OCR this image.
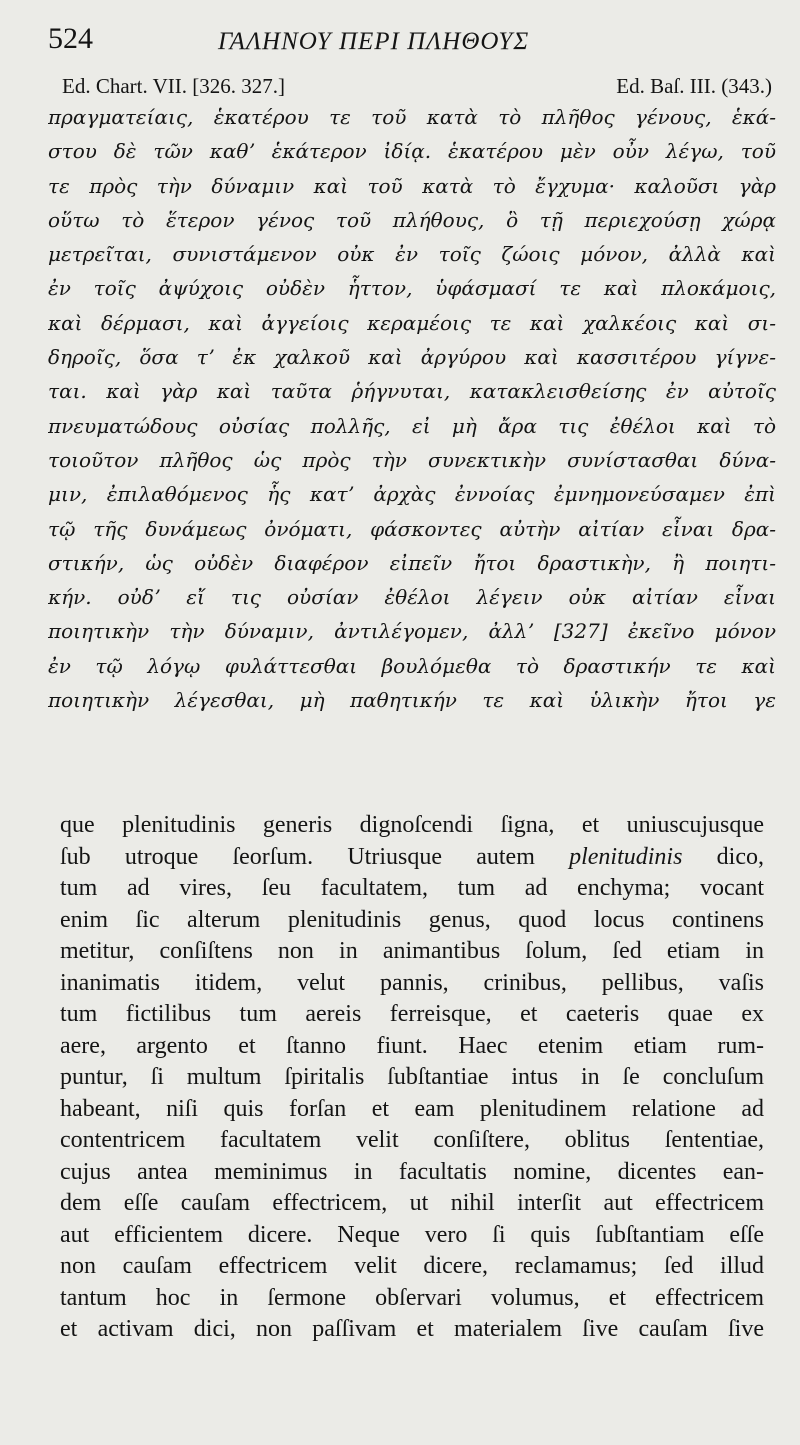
524	ΓΑΛΗΝΟΥ ΠΕΡΙ ΠΛΗΘΟΥΣ
Ed. Chart. VII. [326. 327.]	Ed. Baſ. III. (343.)
πραγματείαις, ἑκατέρου τε τοῦ κατὰ τὸ πλῆθος γένους, ἑκά-
στου δὲ τῶν καθʼ ἑκάτερον ἰδίᾳ. ἑκατέρου μὲν οὖν λέγω, τοῦ
τε πρὸς τὴν δύναμιν καὶ τοῦ κατὰ τὸ ἔγχυμα· καλοῦσι γὰρ
οὕτω τὸ ἕτερον γένος τοῦ πλήθους, ὃ τῇ περιεχούσῃ χώρᾳ
μετρεῖται, συνιστάμενον οὐκ ἐν τοῖς ζώοις μόνον, ἀλλὰ καὶ
ἐν τοῖς ἀψύχοις οὐδὲν ἧττον, ὑφάσμασί τε καὶ πλοκάμοις,
καὶ δέρμασι, καὶ ἀγγείοις κεραμέοις τε καὶ χαλκέοις καὶ σι-
δηροῖς, ὅσα τʼ ἐκ χαλκοῦ καὶ ἀργύρου καὶ κασσιτέρου γίγνε-
ται. καὶ γὰρ καὶ ταῦτα ῥήγνυται, κατακλεισθείσης ἐν αὐτοῖς
πνευματώδους οὐσίας πολλῆς, εἰ μὴ ἄρα τις ἐθέλοι καὶ τὸ
τοιοῦτον πλῆθος ὡς πρὸς τὴν συνεκτικὴν συνίστασθαι δύνα-
μιν, ἐπιλαθόμενος ἧς κατʼ ἀρχὰς ἐννοίας ἐμνημονεύσαμεν ἐπὶ
τῷ τῆς δυνάμεως ὀνόματι, φάσκοντες αὐτὴν αἰτίαν εἶναι δρα-
στικήν, ὡς οὐδὲν διαφέρον εἰπεῖν ἤτοι δραστικὴν, ἢ ποιητι-
κήν. οὐδʼ εἴ τις οὐσίαν ἐθέλοι λέγειν οὐκ αἰτίαν εἶναι
ποιητικὴν τὴν δύναμιν, ἀντιλέγομεν, ἀλλʼ [327] ἐκεῖνο μόνον
ἐν τῷ λόγῳ φυλάττεσθαι βουλόμεθα τὸ δραστικήν τε καὶ
ποιητικὴν λέγεσθαι, μὴ παθητικήν τε καὶ ὑλικὴν ἤτοι γε
que plenitudinis generis dignoſcendi ſigna, et uniuscujusque
ſub utroque ſeorſum. Utriusque autem plenitudinis dico,
tum ad vires, ſeu facultatem, tum ad enchyma; vocant
enim ſic alterum plenitudinis genus, quod locus continens
metitur, conſiſtens non in animantibus ſolum, ſed etiam in
inanimatis itidem, velut pannis, crinibus, pellibus, vaſis
tum fictilibus tum aereis ferreisque, et caeteris quae ex
aere, argento et ſtanno fiunt. Haec etenim etiam rum-
puntur, ſi multum ſpiritalis ſubſtantiae intus in ſe concluſum
habeant, niſi quis forſan et eam plenitudinem relatione ad
contentricem facultatem velit conſiſtere, oblitus ſententiae,
cujus antea meminimus in facultatis nomine, dicentes ean-
dem eſſe cauſam effectricem, ut nihil interſit aut effectricem
aut efficientem dicere. Neque vero ſi quis ſubſtantiam eſſe
non cauſam effectricem velit dicere, reclamamus; ſed illud
tantum hoc in ſermone obſervari volumus, et effectricem
et activam dici, non paſſivam et materialem ſive cauſam ſive
